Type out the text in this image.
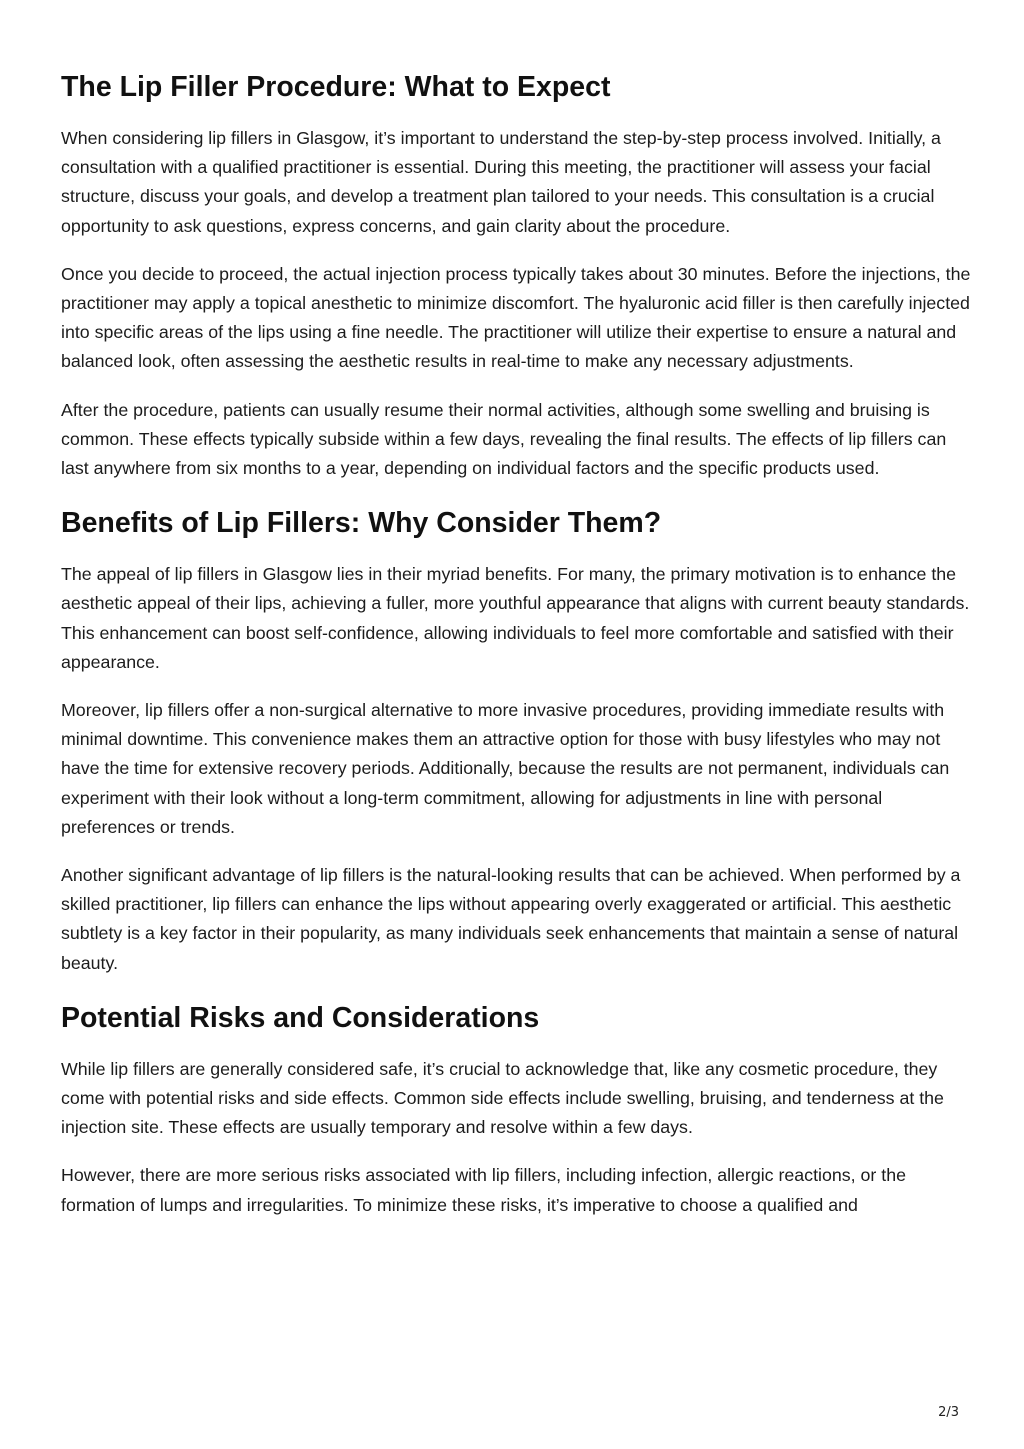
The Lip Filler Procedure: What to Expect

When considering lip fillers in Glasgow, it’s important to understand the step-by-step process involved. Initially, a consultation with a qualified practitioner is essential. During this meeting, the practitioner will assess your facial structure, discuss your goals, and develop a treatment plan tailored to your needs. This consultation is a crucial opportunity to ask questions, express concerns, and gain clarity about the procedure.

Once you decide to proceed, the actual injection process typically takes about 30 minutes. Before the injections, the practitioner may apply a topical anesthetic to minimize discomfort. The hyaluronic acid filler is then carefully injected into specific areas of the lips using a fine needle. The practitioner will utilize their expertise to ensure a natural and balanced look, often assessing the aesthetic results in real-time to make any necessary adjustments.

After the procedure, patients can usually resume their normal activities, although some swelling and bruising is common. These effects typically subside within a few days, revealing the final results. The effects of lip fillers can last anywhere from six months to a year, depending on individual factors and the specific products used.

Benefits of Lip Fillers: Why Consider Them?

The appeal of lip fillers in Glasgow lies in their myriad benefits. For many, the primary motivation is to enhance the aesthetic appeal of their lips, achieving a fuller, more youthful appearance that aligns with current beauty standards. This enhancement can boost self-confidence, allowing individuals to feel more comfortable and satisfied with their appearance.

Moreover, lip fillers offer a non-surgical alternative to more invasive procedures, providing immediate results with minimal downtime. This convenience makes them an attractive option for those with busy lifestyles who may not have the time for extensive recovery periods. Additionally, because the results are not permanent, individuals can experiment with their look without a long-term commitment, allowing for adjustments in line with personal preferences or trends.

Another significant advantage of lip fillers is the natural-looking results that can be achieved. When performed by a skilled practitioner, lip fillers can enhance the lips without appearing overly exaggerated or artificial. This aesthetic subtlety is a key factor in their popularity, as many individuals seek enhancements that maintain a sense of natural beauty.

Potential Risks and Considerations

While lip fillers are generally considered safe, it’s crucial to acknowledge that, like any cosmetic procedure, they come with potential risks and side effects. Common side effects include swelling, bruising, and tenderness at the injection site. These effects are usually temporary and resolve within a few days.

However, there are more serious risks associated with lip fillers, including infection, allergic reactions, or the formation of lumps and irregularities. To minimize these risks, it’s imperative to choose a qualified and

2/3
